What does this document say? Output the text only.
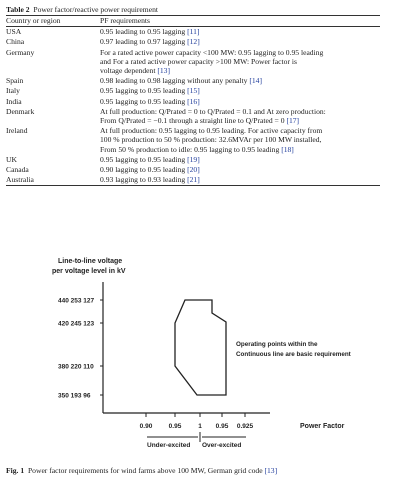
Table 2 Power factor/reactive power requirement
Country or region	PF requirements
USA	0.95 leading to 0.95 lagging [11]
China	0.97 leading to 0.97 lagging [12]
Germany	For a rated active power capacity <100 MW: 0.95 lagging to 0.95 leading
and For a rated active power capacity >100 MW: Power factor is
voltage dependent [13]
Spain	0.98 leading to 0.98 lagging without any penalty [14]
Italy	0.95 lagging to 0.95 leading [15]
India	0.95 lagging to 0.95 leading [16]
Denmark	At full production: Q/Prated = 0 to Q/Prated = 0.1 and At zero production:
From Q/Prated = −0.1 through a straight line to Q/Prated = 0 [17]
Ireland	At full production: 0.95 lagging to 0.95 leading. For active capacity from
100 % production to 50 % production: 32.6MVAr per 100 MW installed,
From 50 % production to idle: 0.95 lagging to 0.95 leading [18]
UK	0.95 lagging to 0.95 leading [19]
Canada	0.90 lagging to 0.95 leading [20]
Australia	0.93 lagging to 0.93 leading [21]
Line-to-line voltage
per voltage level in kV
440 253 127
420 245 123
380 220 110
350 193 96
0.90	0.95	1 0.95 0.925	Power Factor
Under-excited Over-excited
Operating points within the
Continuous line are basic requirement
Fig. 1 Power factor requirements for wind farms above 100 MW, German grid code [13]
